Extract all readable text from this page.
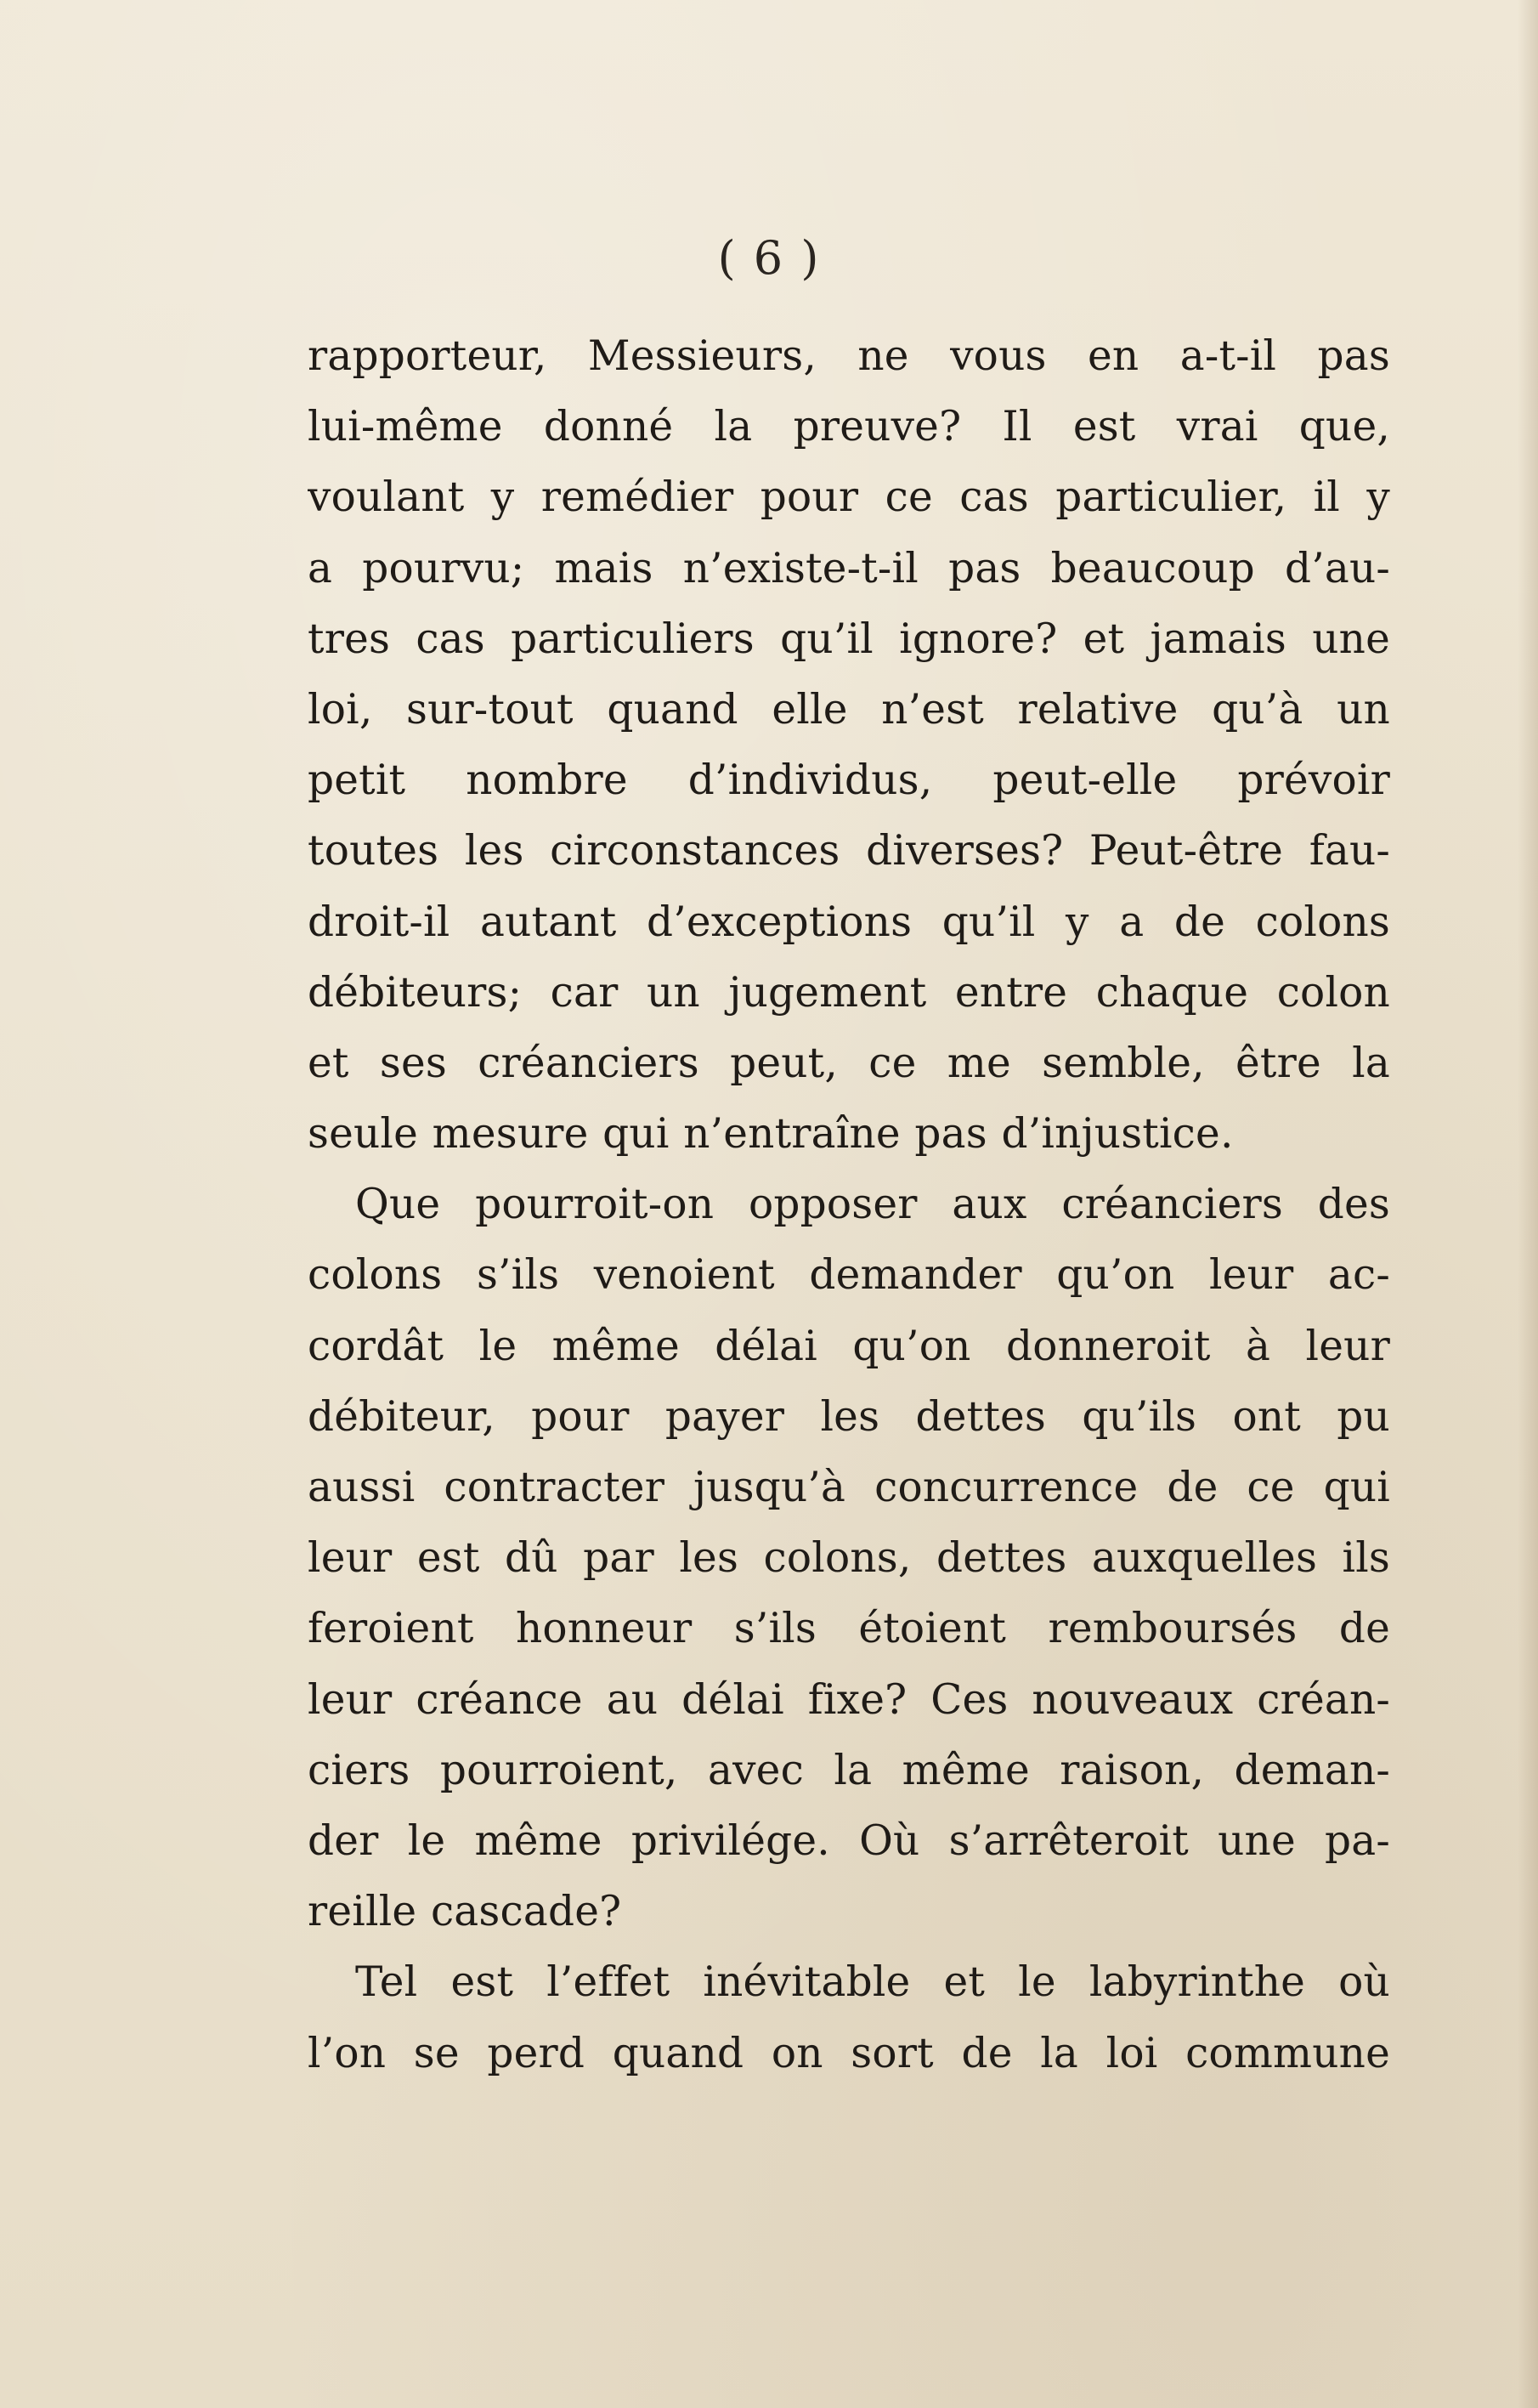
( 6 )
rapporteur, Messieurs, ne vous en a-t-il pas
lui-même donné la preuve? Il est vrai que,
voulant y remédier pour ce cas particulier, il y
a pourvu; mais n’existe-t-il pas beaucoup d’au-
tres cas particuliers qu’il ignore? et jamais une
loi, sur-tout quand elle n’est relative qu’à un
petit nombre d’individus, peut-elle prévoir
toutes les circonstances diverses? Peut-être fau-
droit-il autant d’exceptions qu’il y a de colons
débiteurs; car un jugement entre chaque colon
et ses créanciers peut, ce me semble, être la
seule mesure qui n’entraîne pas d’injustice.
Que pourroit-on opposer aux créanciers des
colons s’ils venoient demander qu’on leur ac-
cordât le même délai qu’on donneroit à leur
débiteur, pour payer les dettes qu’ils ont pu
aussi contracter jusqu’à concurrence de ce qui
leur est dû par les colons, dettes auxquelles ils
feroient honneur s’ils étoient remboursés de
leur créance au délai fixe? Ces nouveaux créan-
ciers pourroient, avec la même raison, deman-
der le même privilége. Où s’arrêteroit une pa-
reille cascade?
Tel est l’effet inévitable et le labyrinthe où
l’on se perd quand on sort de la loi commune
